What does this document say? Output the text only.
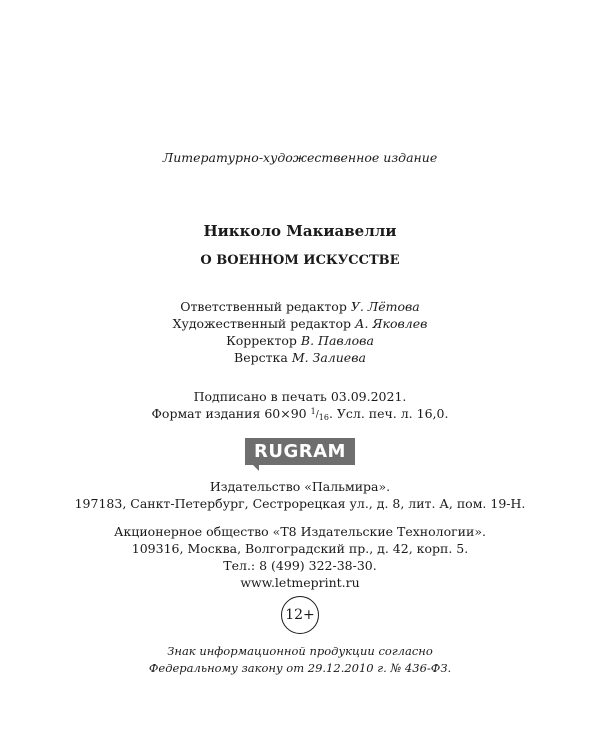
Литературно-художественное издание
Никколо Макиавелли
О ВОЕННОМ ИСКУССТВЕ
Ответственный редактор У. Лётова
Художественный редактор А. Яковлев
Корректор В. Павлова
Верстка М. Залиева
Подписано в печать 03.09.2021.
Формат издания 60×90 $^1/_{16}$. Усл. печ. л. 16,0.
RUGRAM
Издательство «Пальмира».
197183, Санкт-Петербург, Сестрорецкая ул., д. 8, лит. А, пом. 19-Н.
Акционерное общество «Т8 Издательские Технологии».
109316, Москва, Волгоградский пр., д. 42, корп. 5.
Тел.: 8 (499) 322-38-30.
www.letmeprint.ru
12+
Знак информационной продукции согласно
Федеральному закону от 29.12.2010 г. № 436-ФЗ.
